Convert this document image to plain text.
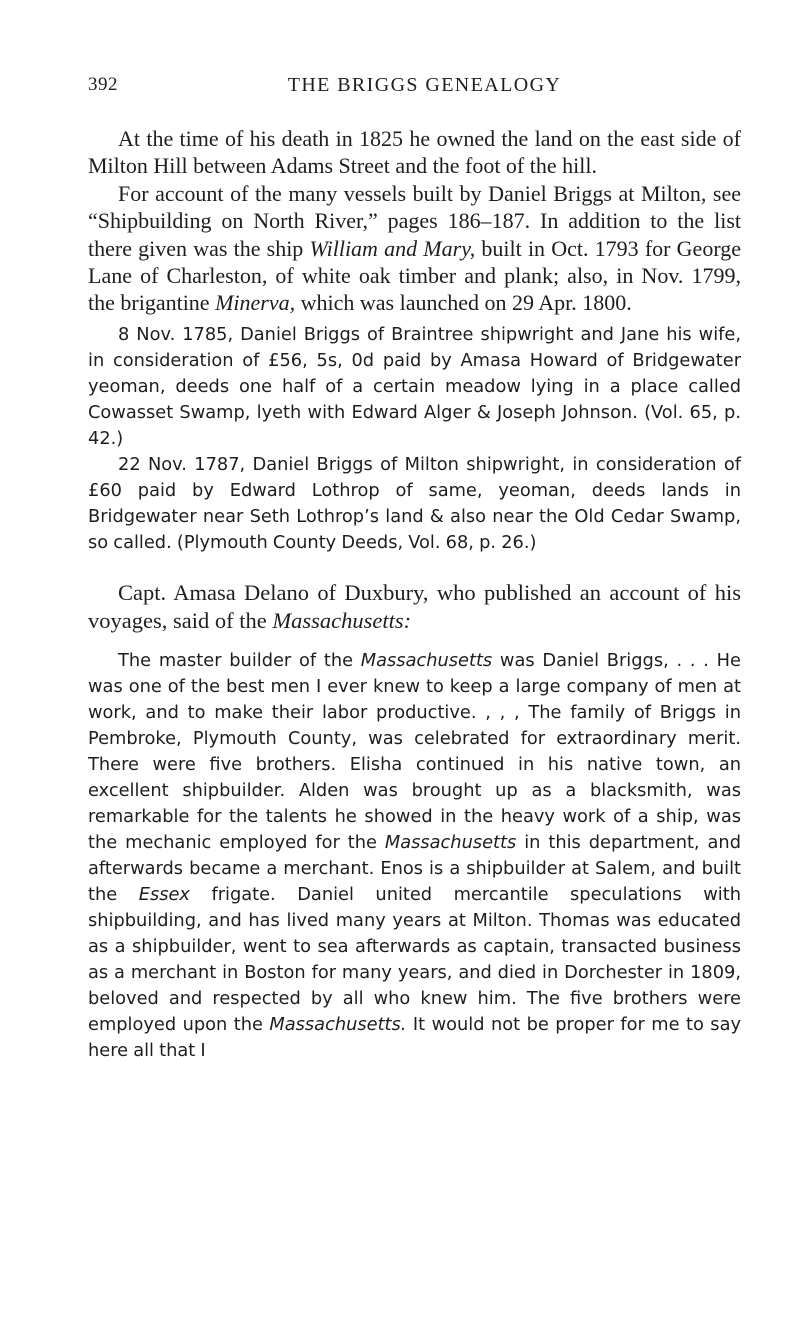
392	THE BRIGGS GENEALOGY

At the time of his death in 1825 he owned the land on the east side of Milton Hill between Adams Street and the foot of the hill.

For account of the many vessels built by Daniel Briggs at Milton, see “Shipbuilding on North River,” pages 186–187. In addition to the list there given was the ship William and Mary, built in Oct. 1793 for George Lane of Charleston, of white oak timber and plank; also, in Nov. 1799, the brigantine Minerva, which was launched on 29 Apr. 1800.

8 Nov. 1785, Daniel Briggs of Braintree shipwright and Jane his wife, in consideration of £56, 5s, 0d paid by Amasa Howard of Bridgewater yeoman, deeds one half of a certain meadow lying in a place called Cowasset Swamp, lyeth with Edward Alger & Joseph Johnson. (Vol. 65, p. 42.)

22 Nov. 1787, Daniel Briggs of Milton shipwright, in consideration of £60 paid by Edward Lothrop of same, yeoman, deeds lands in Bridgewater near Seth Lothrop’s land & also near the Old Cedar Swamp, so called. (Plymouth County Deeds, Vol. 68, p. 26.)

Capt. Amasa Delano of Duxbury, who published an account of his voyages, said of the Massachusetts:

The master builder of the Massachusetts was Daniel Briggs, . . . He was one of the best men I ever knew to keep a large company of men at work, and to make their labor productive. , , , The family of Briggs in Pembroke, Plymouth County, was celebrated for extraordinary merit. There were five brothers. Elisha continued in his native town, an excellent shipbuilder. Alden was brought up as a blacksmith, was remarkable for the talents he showed in the heavy work of a ship, was the mechanic employed for the Massachusetts in this department, and afterwards became a merchant. Enos is a shipbuilder at Salem, and built the Essex frigate. Daniel united mercantile speculations with shipbuilding, and has lived many years at Milton. Thomas was educated as a shipbuilder, went to sea afterwards as captain, transacted business as a merchant in Boston for many years, and died in Dorchester in 1809, beloved and respected by all who knew him. The five brothers were employed upon the Massachusetts. It would not be proper for me to say here all that I
